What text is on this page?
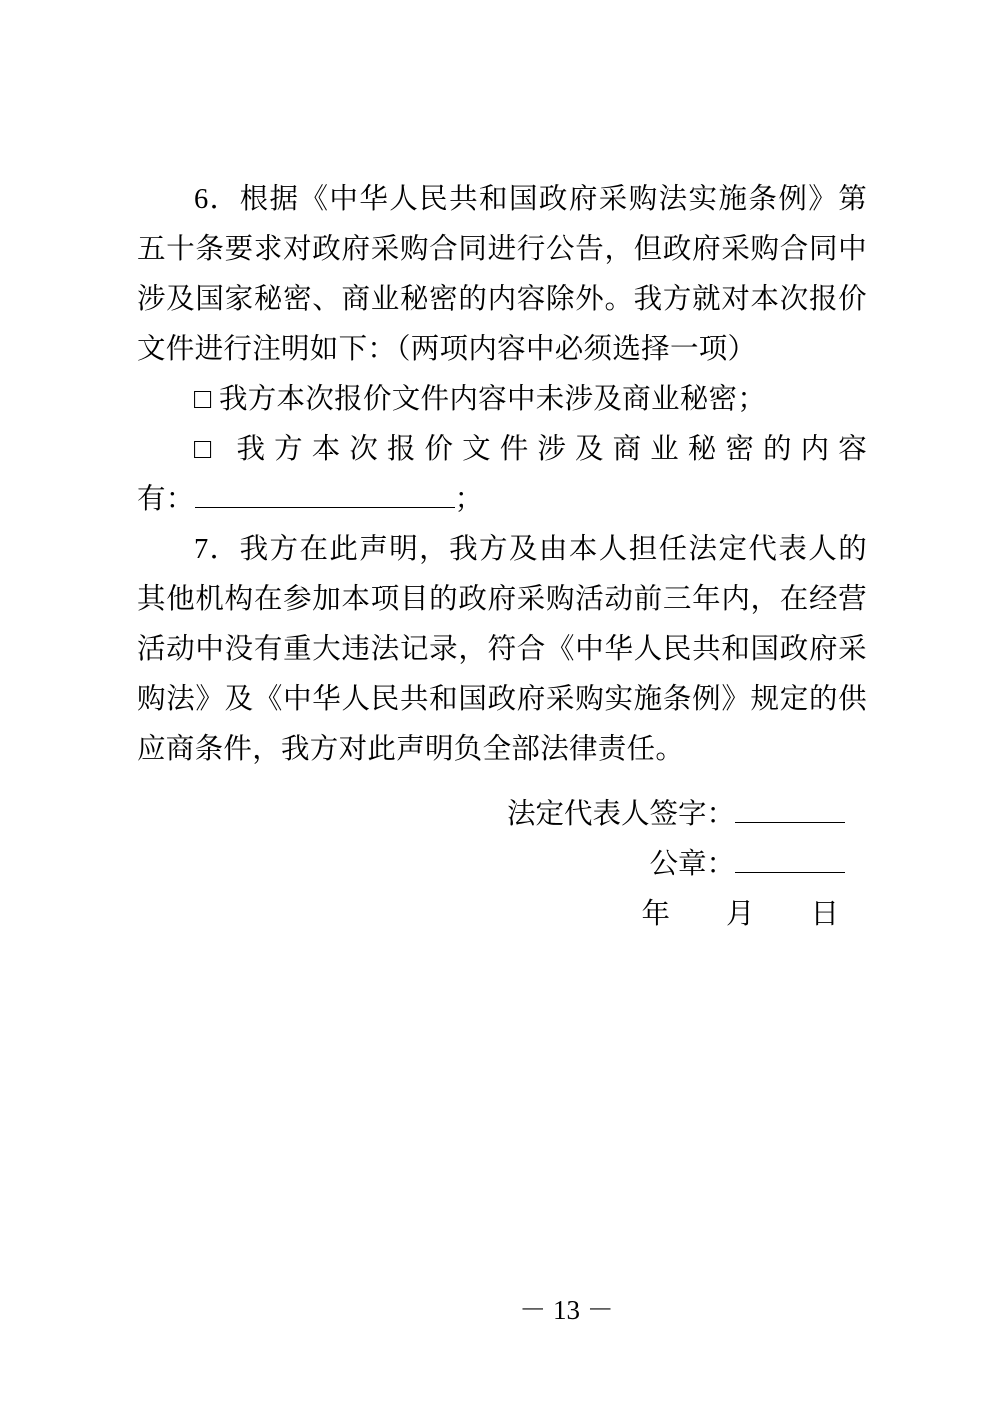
6．根据《中华人民共和国政府采购法实施条例》第五十条要求对政府采购合同进行公告，但政府采购合同中涉及国家秘密、商业秘密的内容除外。我方就对本次报价文件进行注明如下：（两项内容中必须选择一项）

□ 我方本次报价文件内容中未涉及商业秘密；

□ 我方本次报价文件涉及商业秘密的内容

有：	；

7．我方在此声明，我方及由本人担任法定代表人的其他机构在参加本项目的政府采购活动前三年内，在经营活动中没有重大违法记录，符合《中华人民共和国政府采购法》及《中华人民共和国政府采购实施条例》规定的供应商条件，我方对此声明负全部法律责任。

法定代表人签字：
公章：
年 月 日
－ 13 －
